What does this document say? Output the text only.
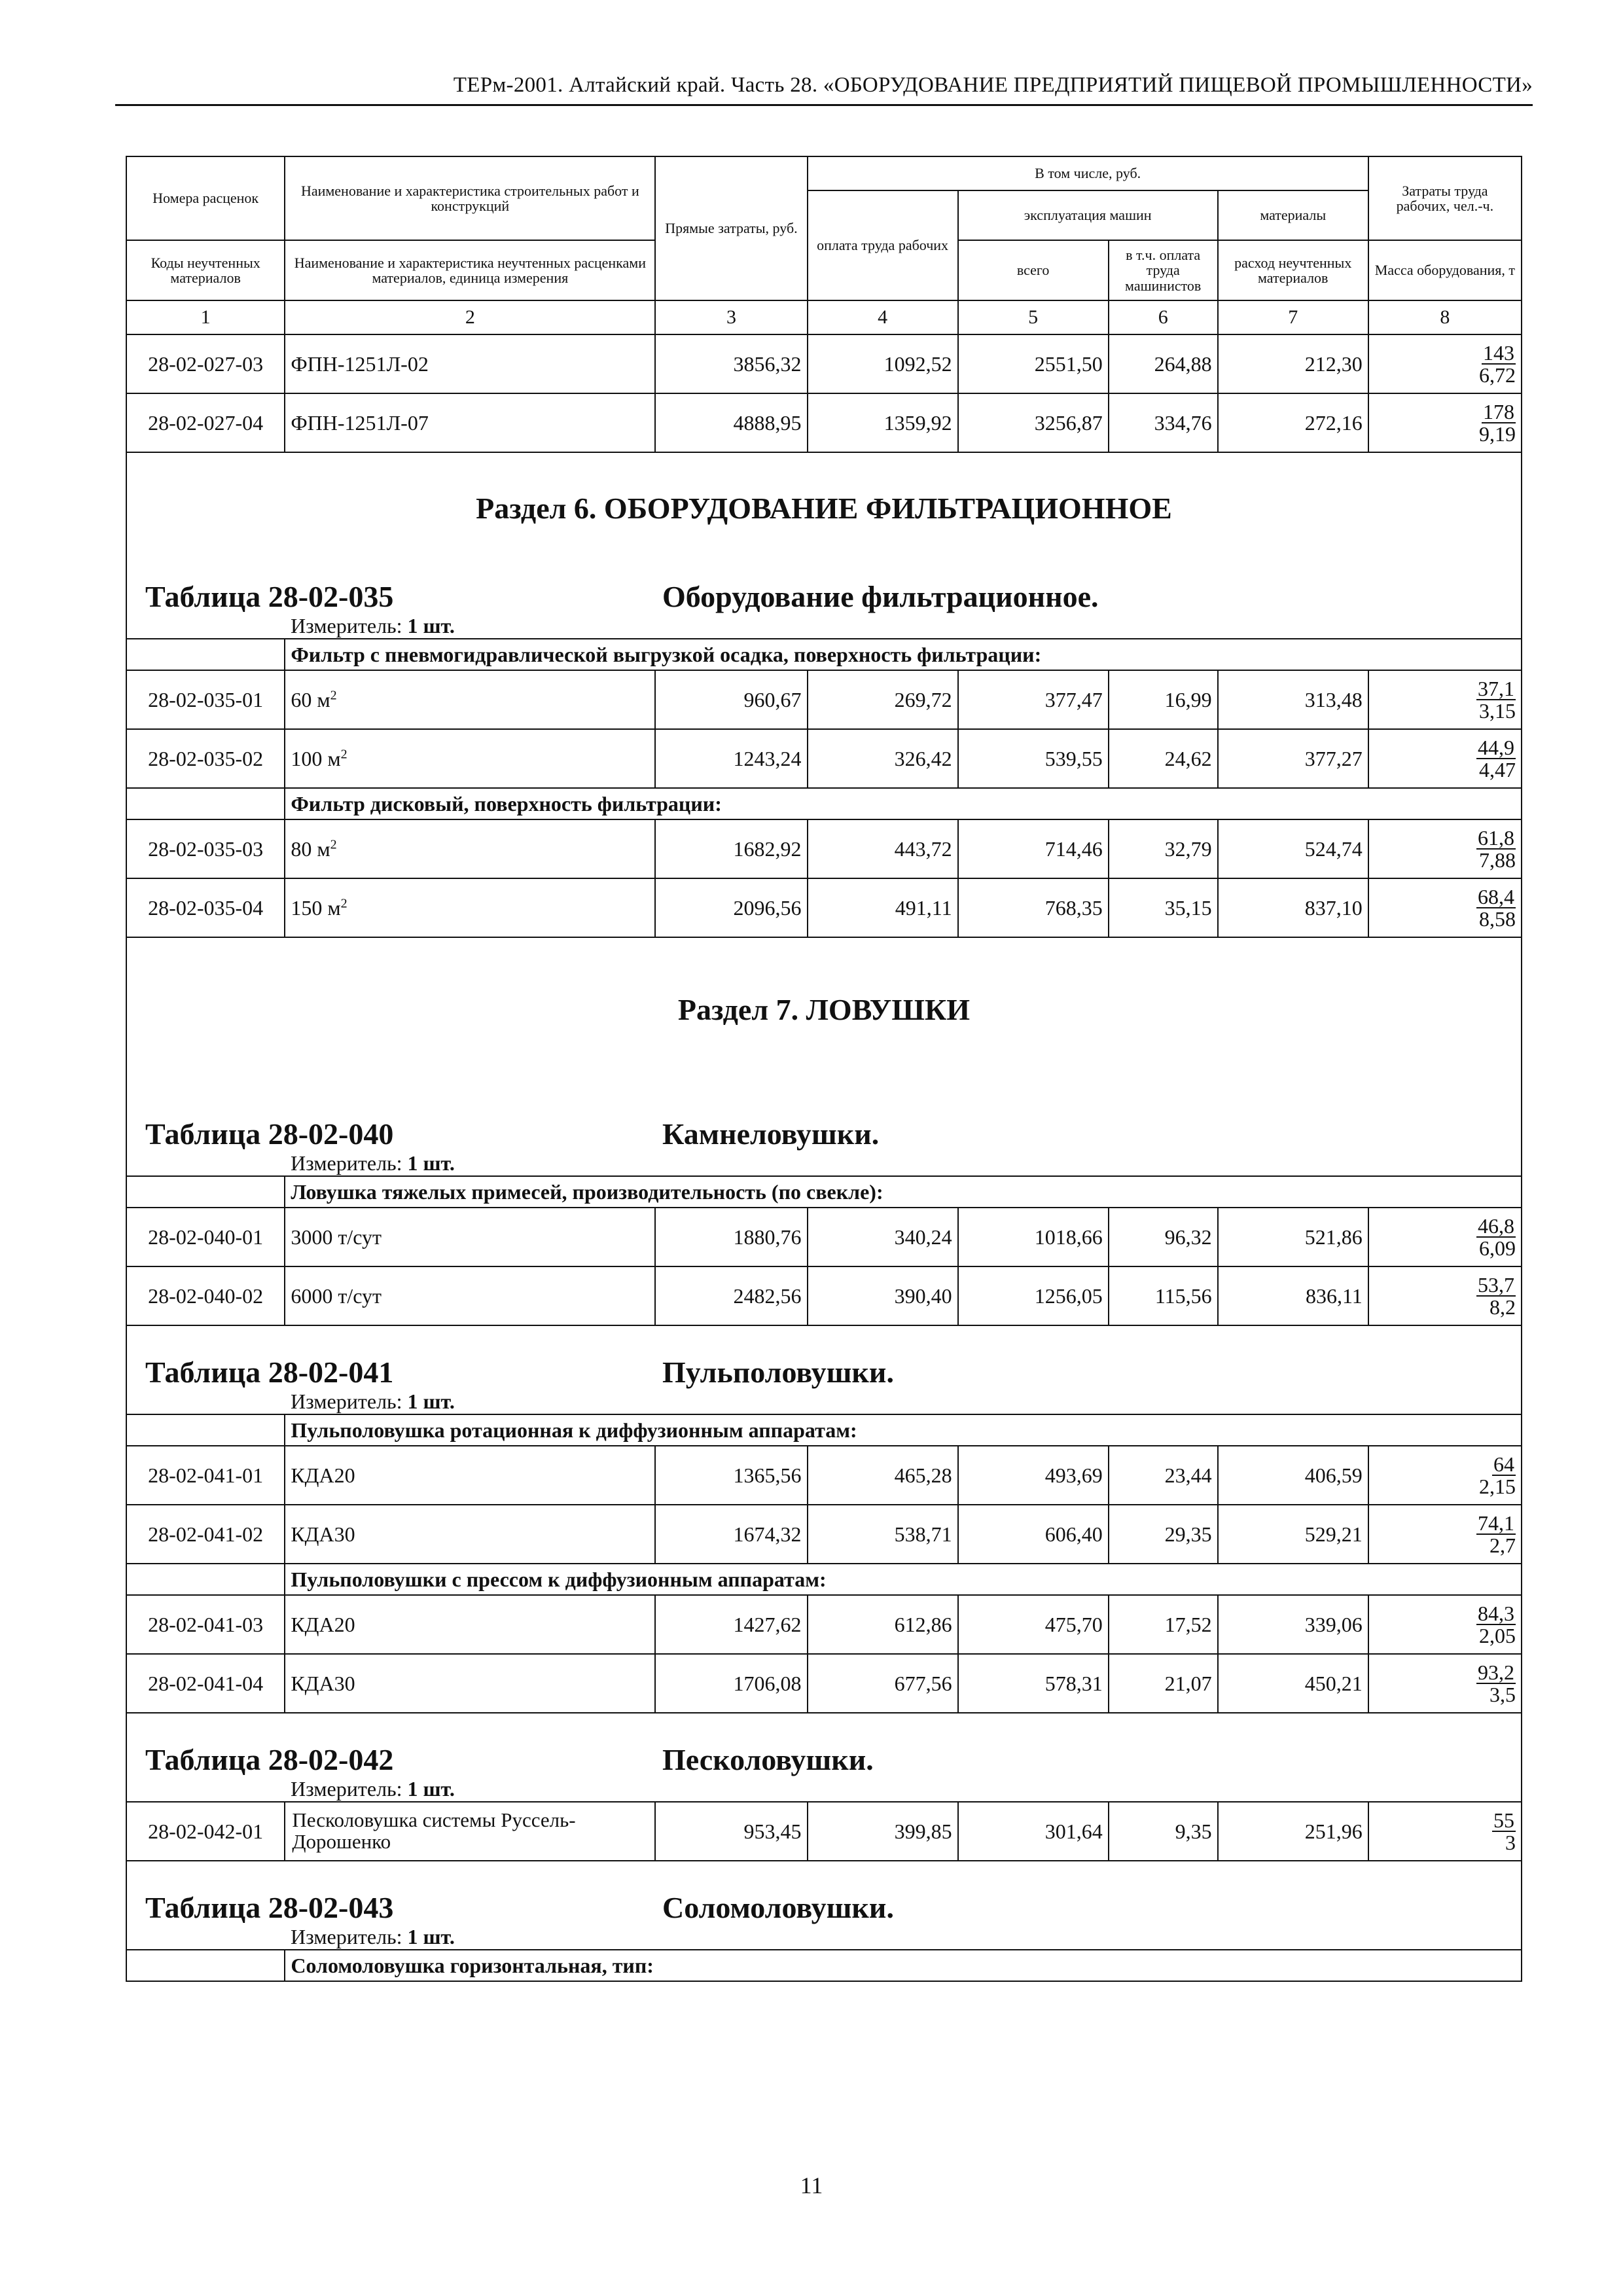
ТЕРм-2001. Алтайский край. Часть 28. «ОБОРУДОВАНИЕ ПРЕДПРИЯТИЙ ПИЩЕВОЙ ПРОМЫШЛЕННОСТИ»
Номера расценок	Наименование и характеристика строительных работ и конструкций	Прямые затраты, руб.	В том числе, руб.				Затраты труда рабочих, чел.-ч.
			оплата труда рабочих	эксплуатация машин		материалы	
Коды неучтенных материалов	Наименование и характеристика неучтенных расценками материалов, единица измерения			всего	в т.ч. оплата труда машинистов	расход неучтенных материалов	Масса оборудования, т
1	2	3	4	5	6	7	8
28-02-027-03	ФПН-1251Л-02	3856,32	1092,52	2551,50	264,88	212,30	143
6,72

28-02-027-04	ФПН-1251Л-07	4888,95	1359,92	3256,87	334,76	272,16	178
9,19

Раздел 6. ОБОРУДОВАНИЕ ФИЛЬТРАЦИОННОЕ							

Таблица 28-02-035 Оборудование фильтрационное.
Измеритель: 1 шт.							

	Фильтр с пневмогидравлической выгрузкой осадка, поверхность фильтрации:						
28-02-035-01	60 $м^2$	960,67	269,72	377,47	16,99	313,48	37,1
3,15

28-02-035-02	100 $м^2$	1243,24	326,42	539,55	24,62	377,27	44,9
4,47

	Фильтр дисковый, поверхность фильтрации:						
28-02-035-03	80 $м^2$	1682,92	443,72	714,46	32,79	524,74	61,8
7,88

28-02-035-04	150 $м^2$	2096,56	491,11	768,35	35,15	837,10	68,4
8,58

Раздел 7. ЛОВУШКИ							

Таблица 28-02-040 Камнеловушки.
Измеритель: 1 шт.							

	Ловушка тяжелых примесей, производительность (по свекле):						
28-02-040-01	3000 т/сут	1880,76	340,24	1018,66	96,32	521,86	46,8
6,09

28-02-040-02	6000 т/сут	2482,56	390,40	1256,05	115,56	836,11	53,7
8,2

Таблица 28-02-041 Пульполовушки.
Измеритель: 1 шт.							

	Пульполовушка ротационная к диффузионным аппаратам:						
28-02-041-01	КДА20	1365,56	465,28	493,69	23,44	406,59	64
2,15

28-02-041-02	КДА30	1674,32	538,71	606,40	29,35	529,21	74,1
2,7

	Пульполовушки с прессом к диффузионным аппаратам:						
28-02-041-03	КДА20	1427,62	612,86	475,70	17,52	339,06	84,3
2,05

28-02-041-04	КДА30	1706,08	677,56	578,31	21,07	450,21	93,2
3,5

Таблица 28-02-042 Песколовушки.
Измеритель: 1 шт.							

28-02-042-01	Песколовушка системы Руссель-Дорошенко	953,45	399,85	301,64	9,35	251,96	55
3

Таблица 28-02-043 Соломоловушки.
Измеритель: 1 шт.							

	Соломоловушка горизонтальная, тип:						
11
